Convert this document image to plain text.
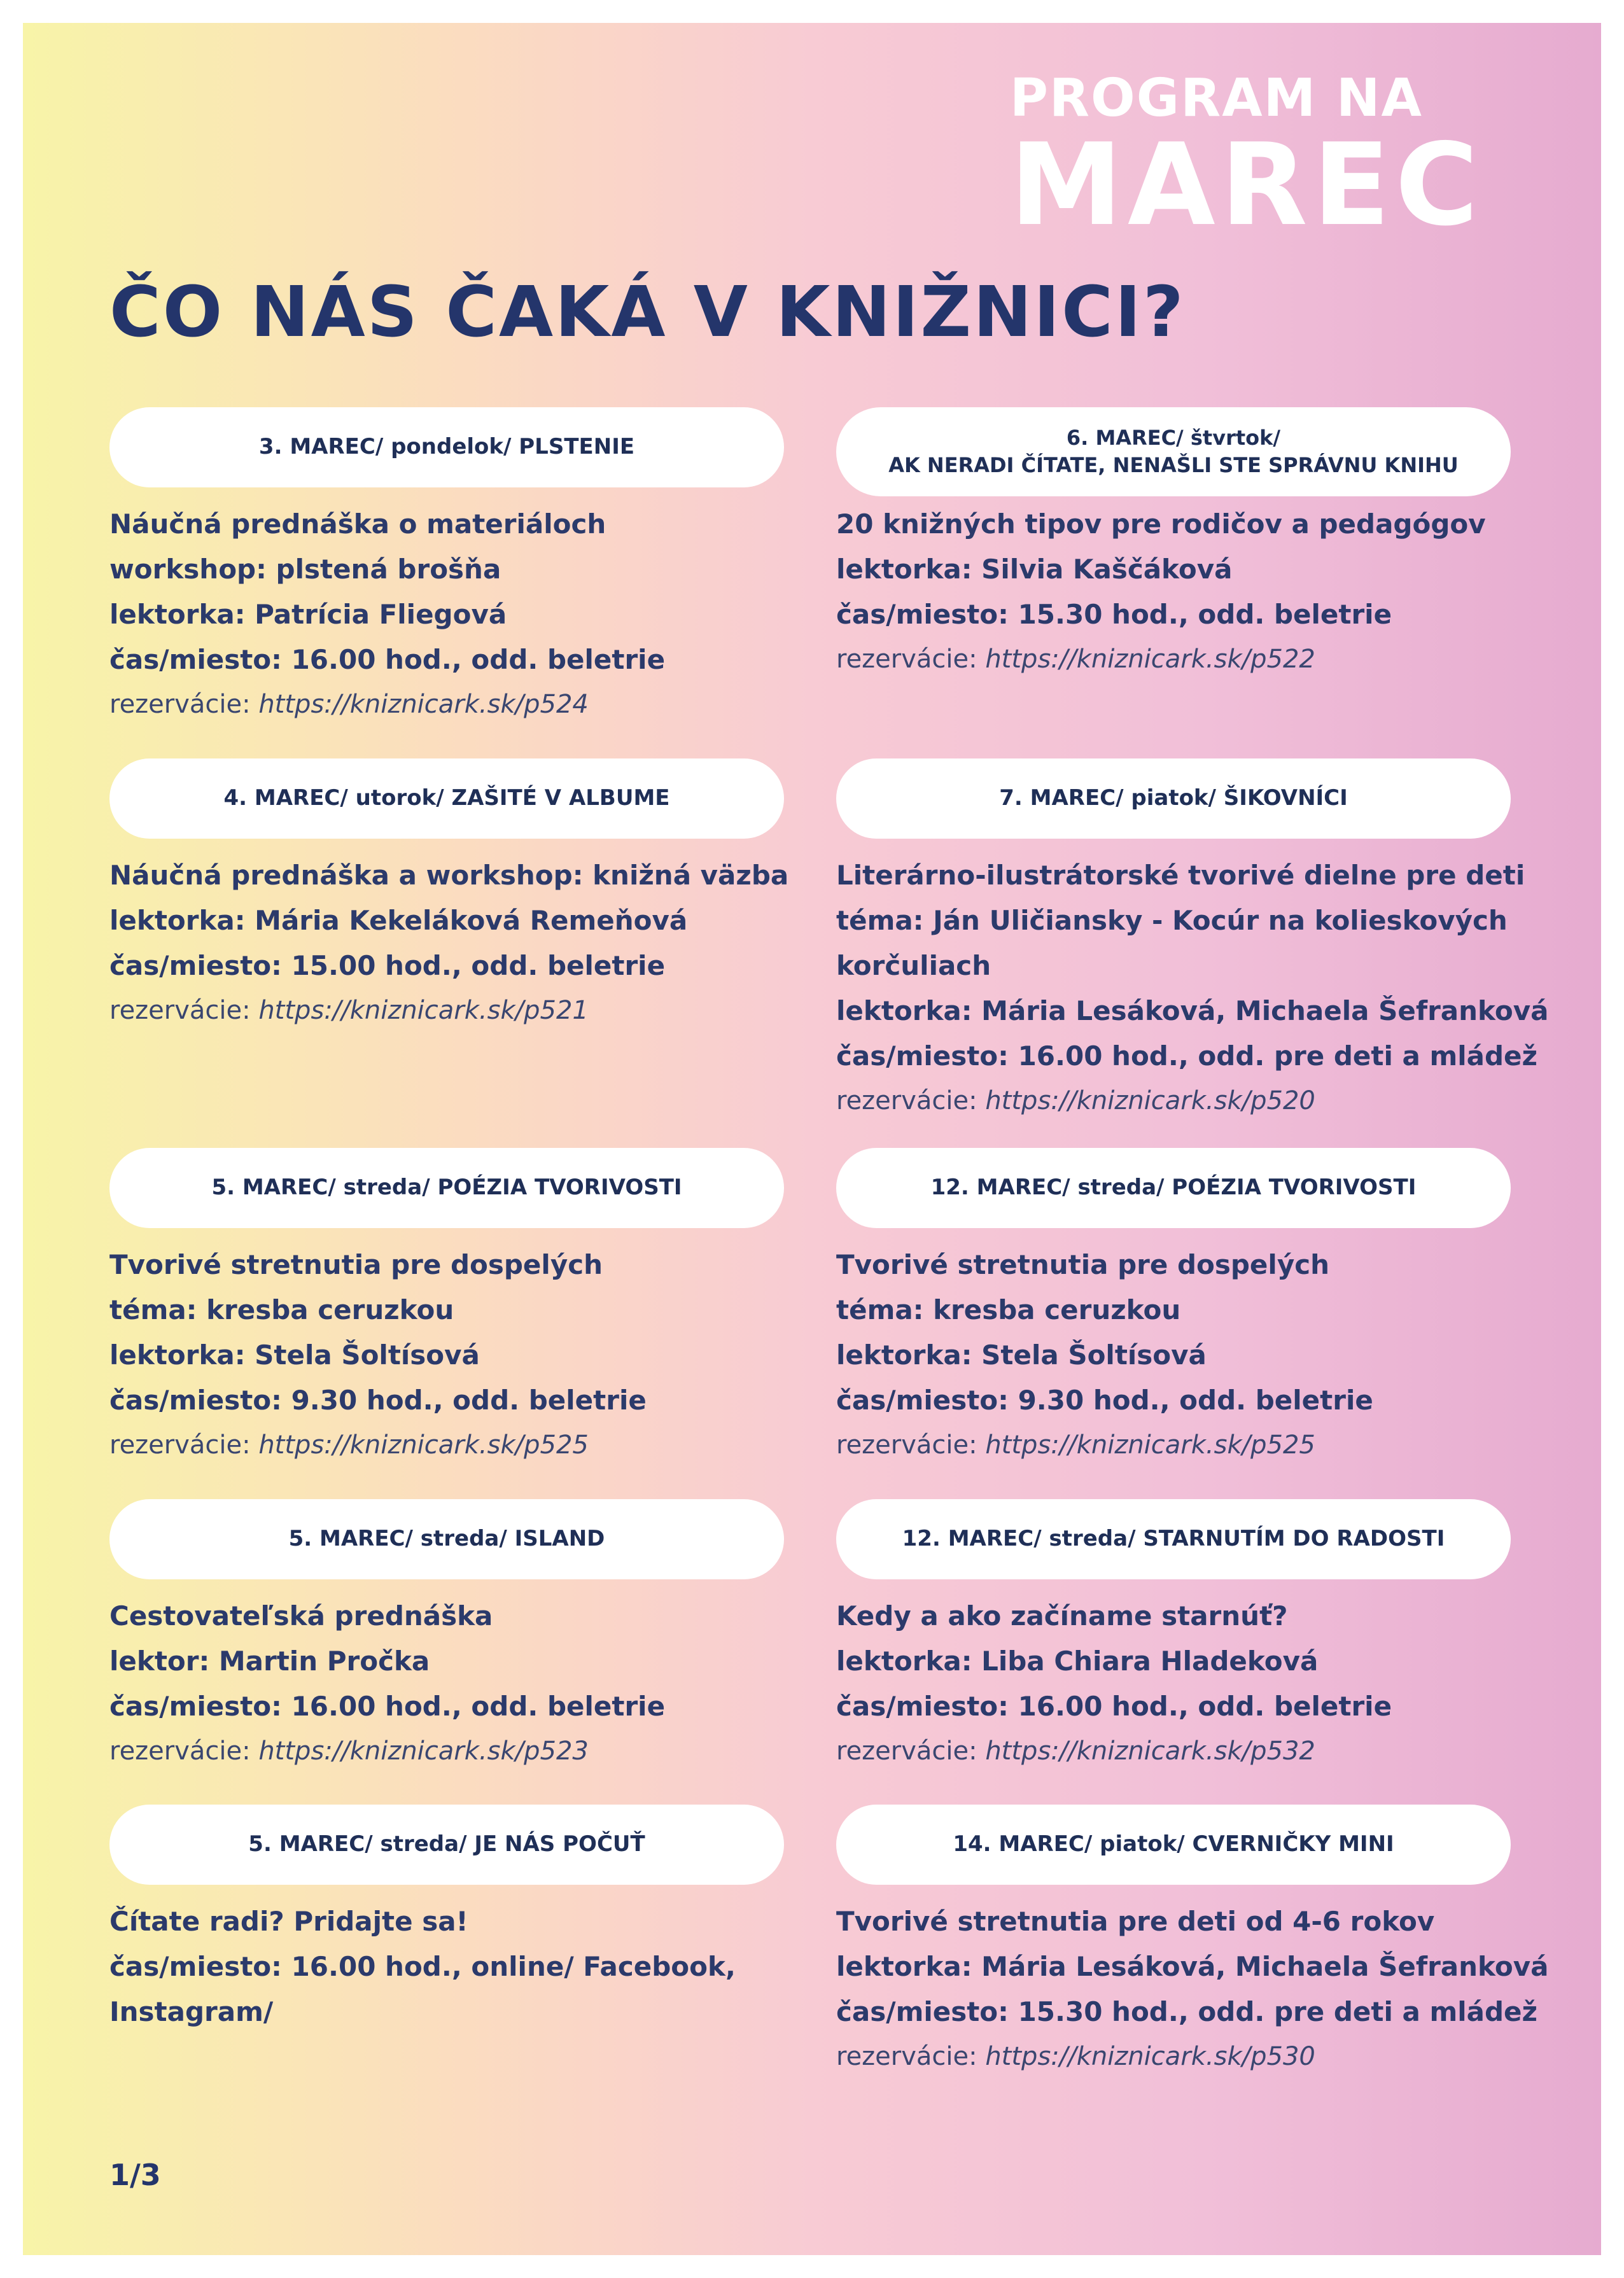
PROGRAM NA
MAREC
ČO NÁS ČAKÁ V KNIŽNICI?
3. MAREC/ pondelok/ PLSTENIE
Náučná prednáška o materiáloch
workshop: plstená brošňa
lektorka: Patrícia Fliegová
čas/miesto: 16.00 hod., odd. beletrie
rezervácie: https://kniznicark.sk/p524
6. MAREC/ štvrtok/
AK NERADI ČÍTATE, NENAŠLI STE SPRÁVNU KNIHU
20 knižných tipov pre rodičov a pedagógov
lektorka: Silvia Kaščáková
čas/miesto: 15.30 hod., odd. beletrie
rezervácie: https://kniznicark.sk/p522
4. MAREC/ utorok/ ZAŠITÉ V ALBUME
Náučná prednáška a workshop: knižná väzba
lektorka: Mária Kekeláková Remeňová
čas/miesto: 15.00 hod., odd. beletrie
rezervácie: https://kniznicark.sk/p521
7. MAREC/ piatok/ ŠIKOVNÍCI
Literárno-ilustrátorské tvorivé dielne pre deti
téma: Ján Uličiansky - Kocúr na kolieskových
korčuliach
lektorka: Mária Lesáková, Michaela Šefranková
čas/miesto: 16.00 hod., odd. pre deti a mládež
rezervácie: https://kniznicark.sk/p520
5. MAREC/ streda/ POÉZIA TVORIVOSTI
Tvorivé stretnutia pre dospelých
téma: kresba ceruzkou
lektorka: Stela Šoltísová
čas/miesto: 9.30 hod., odd. beletrie
rezervácie: https://kniznicark.sk/p525
12. MAREC/ streda/ POÉZIA TVORIVOSTI
Tvorivé stretnutia pre dospelých
téma: kresba ceruzkou
lektorka: Stela Šoltísová
čas/miesto: 9.30 hod., odd. beletrie
rezervácie: https://kniznicark.sk/p525
5. MAREC/ streda/ ISLAND
Cestovateľská prednáška
lektor: Martin Pročka
čas/miesto: 16.00 hod., odd. beletrie
rezervácie: https://kniznicark.sk/p523
12. MAREC/ streda/ STARNUTÍM DO RADOSTI
Kedy a ako začíname starnúť?
lektorka: Liba Chiara Hladeková
čas/miesto: 16.00 hod., odd. beletrie
rezervácie: https://kniznicark.sk/p532
5. MAREC/ streda/ JE NÁS POČUŤ
Čítate radi? Pridajte sa!
čas/miesto: 16.00 hod., online/ Facebook,
Instagram/
14. MAREC/ piatok/ CVERNIČKY MINI
Tvorivé stretnutia pre deti od 4-6 rokov
lektorka: Mária Lesáková, Michaela Šefranková
čas/miesto: 15.30 hod., odd. pre deti a mládež
rezervácie: https://kniznicark.sk/p530
1/3
